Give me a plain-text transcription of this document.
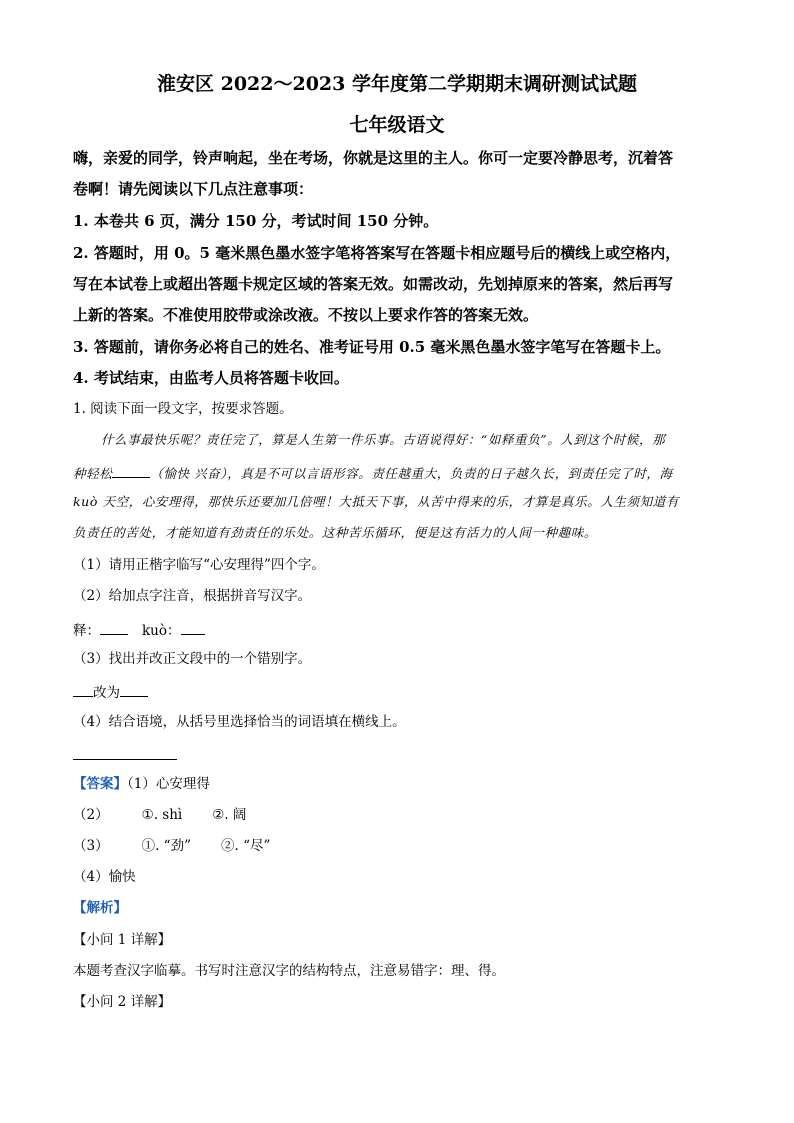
淮安区 2022～2023 学年度第二学期期末调研测试试题
七年级语文
嗨，亲爱的同学，铃声响起，坐在考场，你就是这里的主人。你可一定要冷静思考，沉着答
卷啊！请先阅读以下几点注意事项：
1. 本卷共 6 页，满分 150 分，考试时间 150 分钟。
2. 答题时，用 0。5 毫米黑色墨水签字笔将答案写在答题卡相应题号后的横线上或空格内，
写在本试卷上或超出答题卡规定区域的答案无效。如需改动，先划掉原来的答案，然后再写
上新的答案。不准使用胶带或涂改液。不按以上要求作答的答案无效。
3. 答题前，请你务必将自己的姓名、准考证号用 0.5 毫米黑色墨水签字笔写在答题卡上。
4. 考试结束，由监考人员将答题卡收回。
1. 阅读下面一段文字，按要求答题。
什么事最快乐呢？责任完了，算是人生第一件乐事。古语说得好：“如释重负”。人到这个时候，那
种轻松	（愉快 兴奋），真是不可以言语形容。责任越重大，负责的日子越久长，到责任完了时，海
kuò 天空，心安理得，那快乐还要加几倍哩！大抵天下事，从苦中得来的乐，才算是真乐。人生须知道有
负责任的苦处，才能知道有劲责任的乐处。这种苦乐循环，便是这有活力的人间一种趣味。
（1）请用正楷字临写“心安理得”四个字。
（2）给加点字注音，根据拼音写汉字。
释：	kuò：
（3）找出并改正文段中的一个错别字。
改为
（4）结合语境，从括号里选择恰当的词语填在横线上。
【答案】（1）心安理得
（2） ①. shì ②. 阔
（3） ①. “劲” ②. “尽”
（4）愉快
【解析】
【小问 1 详解】
本题考查汉字临摹。书写时注意汉字的结构特点，注意易错字：理、得。
【小问 2 详解】
